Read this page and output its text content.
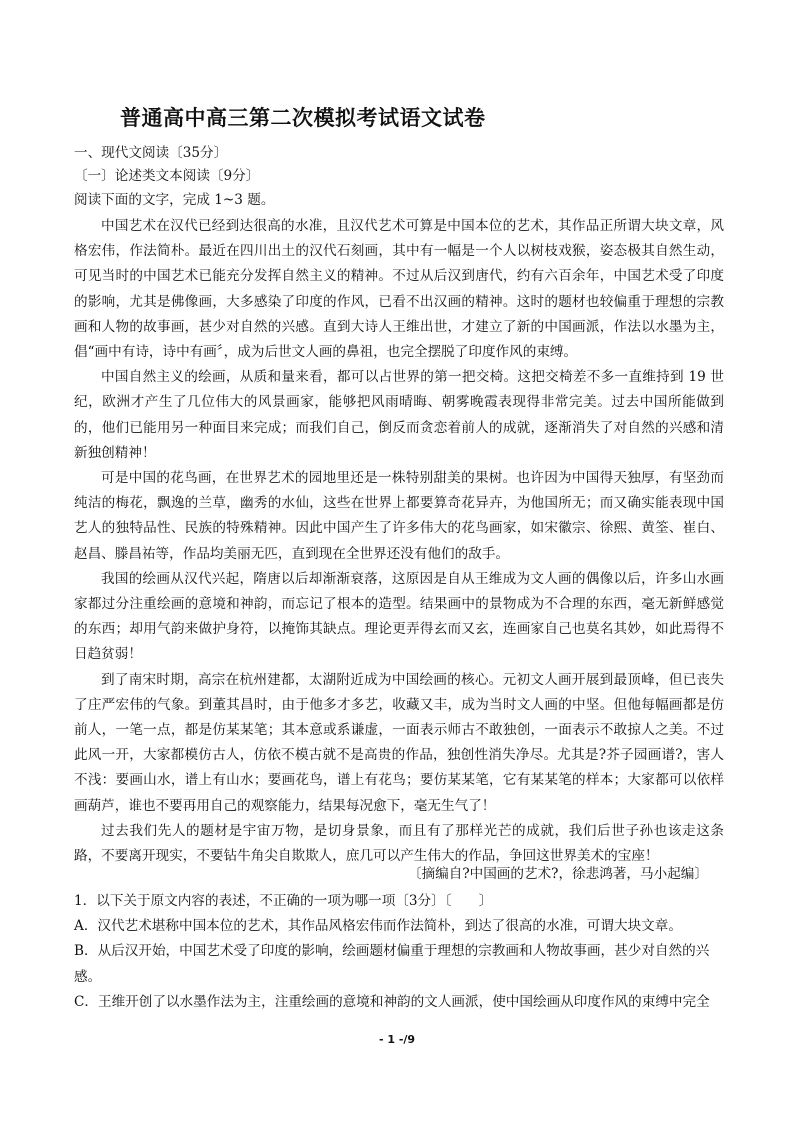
普通高中高三第二次模拟考试语文试卷
一、现代文阅读〔35分〕
〔一〕论述类文本阅读〔9分〕
阅读下面的文字，完成 1~3 题。

中国艺术在汉代已经到达很高的水准，且汉代艺术可算是中国本位的艺术，其作品正所谓大块文章，风格宏伟，作法简朴。最近在四川出土的汉代石刻画，其中有一幅是一个人以树枝戏猴，姿态极其自然生动，可见当时的中国艺术已能充分发挥自然主义的精神。不过从后汉到唐代，约有六百余年，中国艺术受了印度的影响，尤其是佛像画，大多感染了印度的作风，已看不出汉画的精神。这时的题材也较偏重于理想的宗教画和人物的故事画，甚少对自然的兴感。直到大诗人王维出世，才建立了新的中国画派，作法以水墨为主，倡“画中有诗，诗中有画〞，成为后世文人画的鼻祖，也完全摆脱了印度作风的束缚。

中国自然主义的绘画，从质和量来看，都可以占世界的第一把交椅。这把交椅差不多一直维持到 19 世纪，欧洲才产生了几位伟大的风景画家，能够把风雨晴晦、朝雾晚霞表现得非常完美。过去中国所能做到的，他们已能用另一种面目来完成；而我们自己，倒反而贪恋着前人的成就，逐渐消失了对自然的兴感和清新独创精神！

可是中国的花鸟画，在世界艺术的园地里还是一株特别甜美的果树。也许因为中国得天独厚，有坚劲而纯洁的梅花，飘逸的兰草，幽秀的水仙，这些在世界上都要算奇花异卉，为他国所无；而又确实能表现中国艺人的独特品性、民族的特殊精神。因此中国产生了许多伟大的花鸟画家，如宋徽宗、徐熙、黄筌、崔白、赵昌、滕昌祐等，作品均美丽无匹，直到现在全世界还没有他们的敌手。

我国的绘画从汉代兴起，隋唐以后却渐渐衰落，这原因是自从王维成为文人画的偶像以后，许多山水画家都过分注重绘画的意境和神韵，而忘记了根本的造型。结果画中的景物成为不合理的东西，毫无新鲜感觉的东西；却用气韵来做护身符，以掩饰其缺点。理论更弄得玄而又玄，连画家自己也莫名其妙，如此焉得不日趋贫弱！

到了南宋时期，高宗在杭州建都，太湖附近成为中国绘画的核心。元初文人画开展到最顶峰，但已丧失了庄严宏伟的气象。到董其昌时，由于他多才多艺，收藏又丰，成为当时文人画的中坚。但他每幅画都是仿前人，一笔一点，都是仿某某笔；其本意或系谦虚，一面表示师古不敢独创，一面表示不敢掠人之美。不过此风一开，大家都模仿古人，仿依不模古就不是高贵的作品，独创性消失净尽。尤其是?芥子园画谱?，害人不浅：要画山水，谱上有山水；要画花鸟，谱上有花鸟；要仿某某笔，它有某某笔的样本；大家都可以依样画葫芦，谁也不要再用自己的观察能力，结果每况愈下，毫无生气了！

过去我们先人的题材是宇宙万物，是切身景象，而且有了那样光芒的成就，我们后世子孙也该走这条路，不要离开现实，不要钻牛角尖自欺欺人，庶几可以产生伟大的作品，争回这世界美术的宝座！

〔摘编自?中国画的艺术?，徐悲鸿著，马小起编〕

1．以下关于原文内容的表述，不正确的一项为哪一项〔3分〕〔　　〕

A．汉代艺术堪称中国本位的艺术，其作品风格宏伟而作法简朴，到达了很高的水准，可谓大块文章。

B．从后汉开始，中国艺术受了印度的影响，绘画题材偏重于理想的宗教画和人物故事画，甚少对自然的兴感。

C．王维开创了以水墨作法为主，注重绘画的意境和神韵的文人画派，使中国绘画从印度作风的束缚中完全

- 1 -/9
